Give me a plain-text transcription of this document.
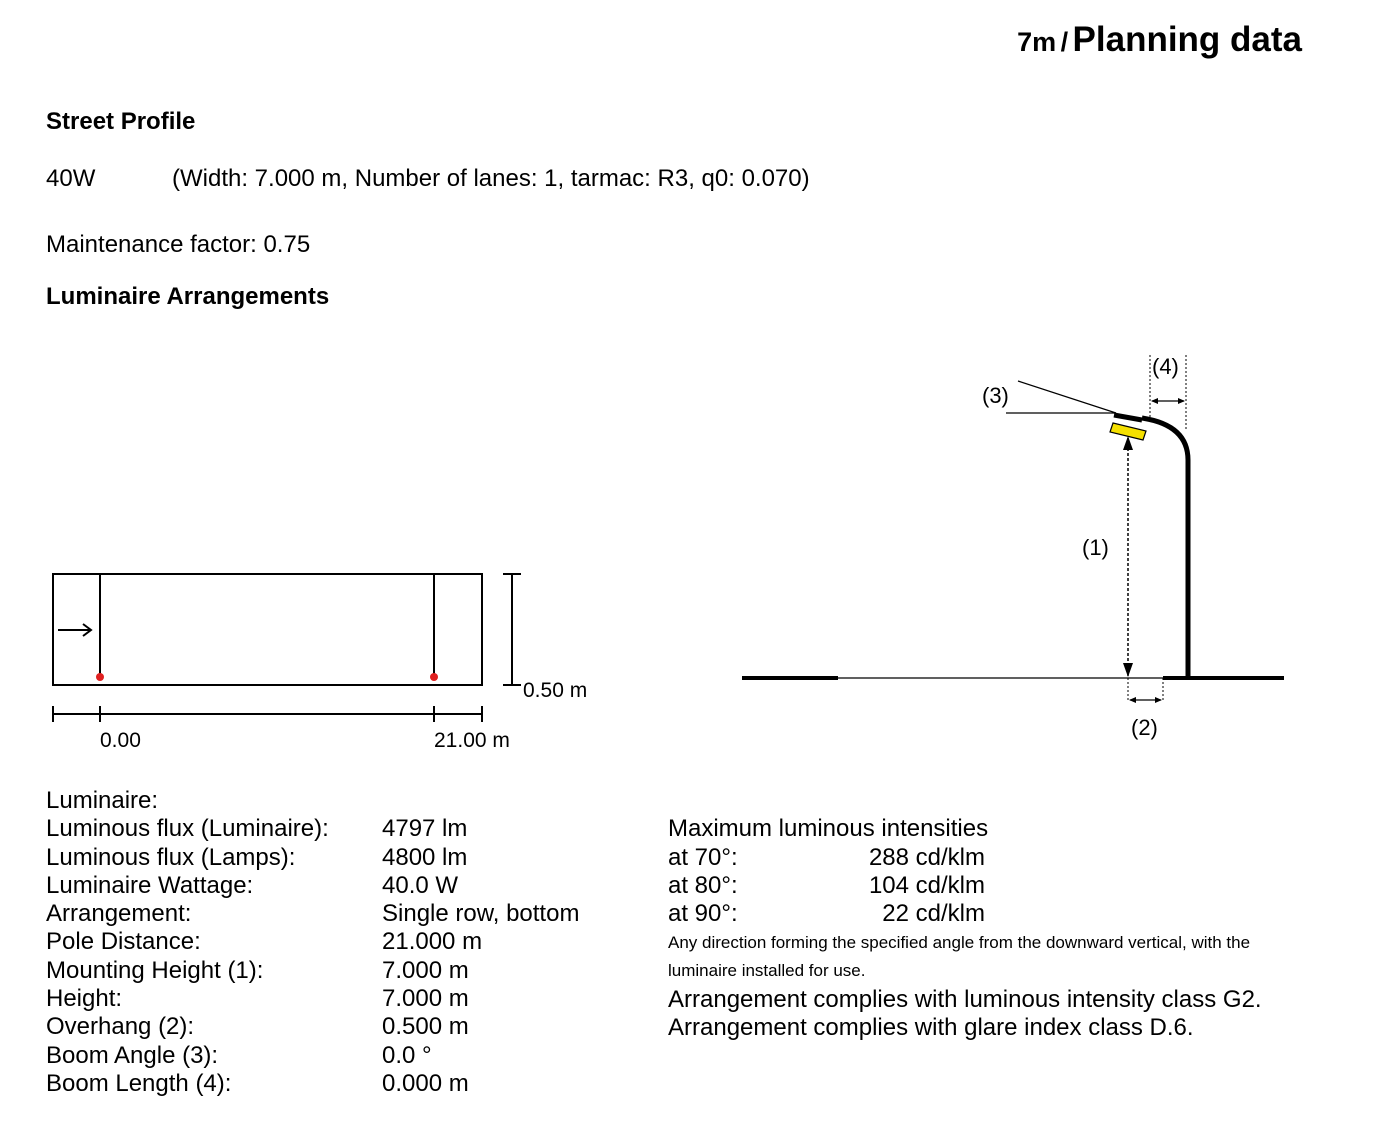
7m / Planning data
Street Profile
40W	(Width: 7.000 m, Number of lanes: 1, tarmac: R3, q0: 0.070)
Maintenance factor: 0.75
Luminaire Arrangements
0.50 m
0.00	21.00 m
(3)
(1)
(2)
(4)
Luminaire:
Luminous flux (Luminaire):
Luminous flux (Lamps):
Luminaire Wattage:
Arrangement:
Pole Distance:
Mounting Height (1):
Height:
Overhang (2):
Boom Angle (3):
Boom Length (4):
4797 lm
4800 lm
40.0 W
Single row, bottom
21.000 m
7.000 m
7.000 m
0.500 m
0.0 °
0.000 m
Maximum luminous intensities
at 70°:
at 80°:
at 90°:
288 cd/klm
104 cd/klm
22 cd/klm
Any direction forming the specified angle from the downward vertical, with the
luminaire installed for use.
Arrangement complies with luminous intensity class G2.
Arrangement complies with glare index class D.6.
